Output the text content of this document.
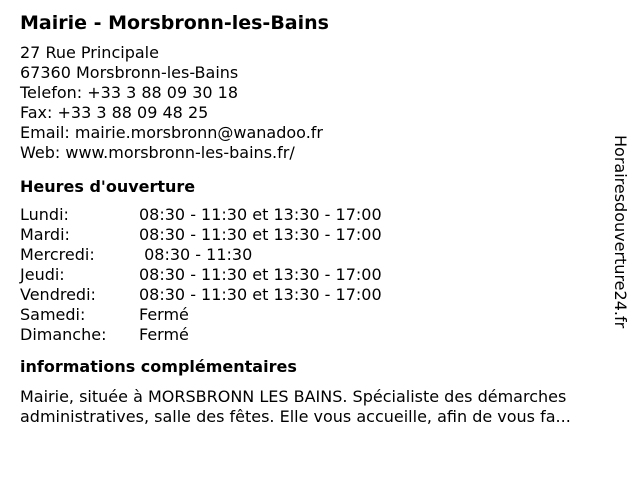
Mairie - Morsbronn-les-Bains
27 Rue Principale
67360 Morsbronn-les-Bains
Telefon: +33 3 88 09 30 18
Fax: +33 3 88 09 48 25
Email: mairie.morsbronn@wanadoo.fr
Web: www.morsbronn-les-bains.fr/
Heures d'ouverture
Lundi:	08:30 - 11:30 et 13:30 - 17:00
Mardi:	08:30 - 11:30 et 13:30 - 17:00
Mercredi:	08:30 - 11:30
Jeudi:	08:30 - 11:30 et 13:30 - 17:00
Vendredi:	08:30 - 11:30 et 13:30 - 17:00
Samedi:	Fermé
Dimanche:	Fermé
informations complémentaires
Mairie, située à MORSBRONN LES BAINS. Spécialiste des démarches
administratives, salle des fêtes. Elle vous accueille, afin de vous fa...
Horairesdouverture24.fr
